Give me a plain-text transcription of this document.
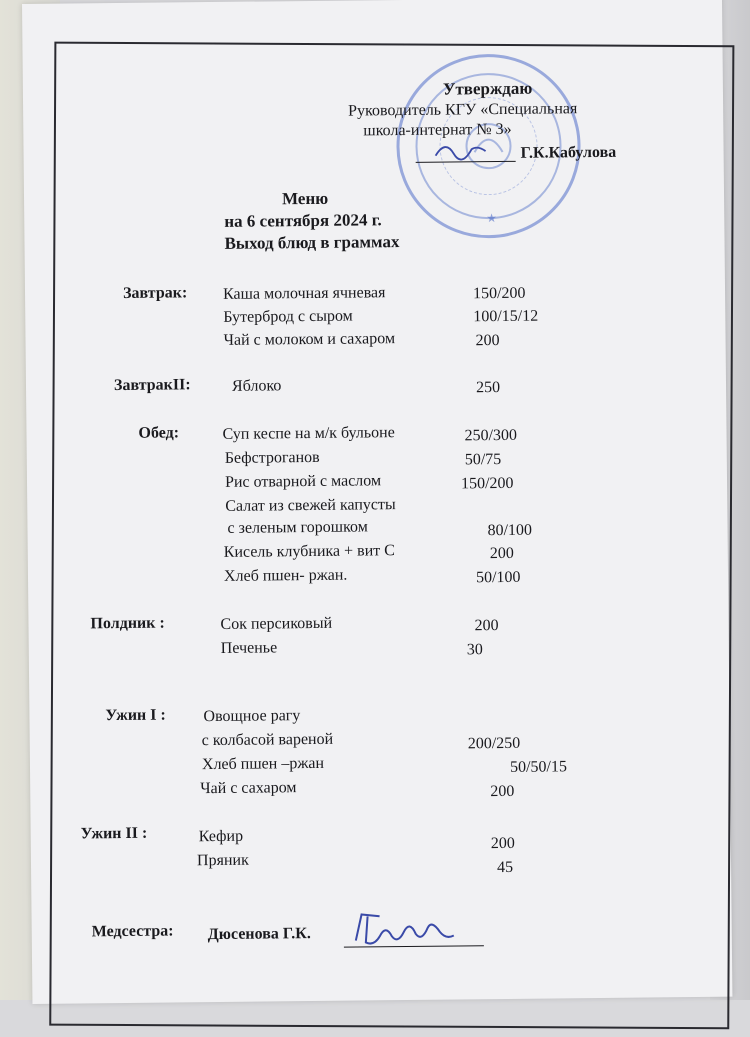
★
Утверждаю
Руководитель КГУ «Специальная
школа-интернат № 3»
Г.К.Кабулова
Меню
на 6 сентября 2024 г.
Выход блюд в граммах
Завтрак: Каша молочная ячневая	150/200
Бутерброд с сыром	100/15/12
Чай с молоком и сахаром	200
ЗавтракII:	Яблоко	250
Обед:	Суп кеспе на м/к бульоне	250/300
Бефстроганов	50/75
Рис отварной с маслом	150/200
Салат из свежей капусты
с зеленым горошком	80/100
Кисель клубника + вит С	200
Хлеб пшен- ржан.	50/100
Полдник :	Сок персиковый	200
Печенье	30
Ужин I : Овощное рагу
с колбасой вареной	200/250
Хлеб пшен –ржан	50/50/15
Чай с сахаром	200
Ужин II :	Кефир	200
Пряник	45
Медсестра: Дюсенова Г.К.
